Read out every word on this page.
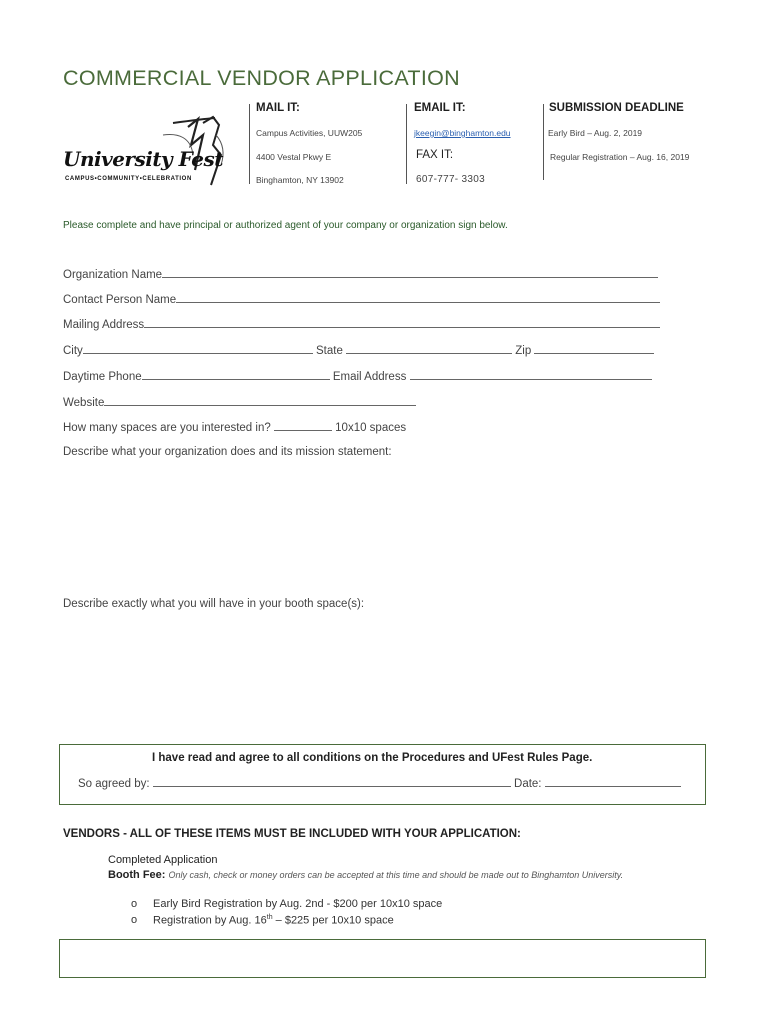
COMMERCIAL VENDOR APPLICATION
University Fest
CAMPUS•COMMUNITY•CELEBRATION
MAIL IT:
Campus Activities, UUW205
4400 Vestal Pkwy E
Binghamton, NY 13902
EMAIL IT:
jkeegin@binghamton.edu
FAX IT:
607-777- 3303
SUBMISSION DEADLINE
Early Bird – Aug. 2, 2019
Regular Registration – Aug. 16, 2019
Please complete and have principal or authorized agent of your company or organization sign below.
Organization Name
Contact Person Name
Mailing Address
City	State	Zip
Daytime Phone	Email Address
Website
How many spaces are you interested in?	10x10 spaces
Describe what your organization does and its mission statement:
Describe exactly what you will have in your booth space(s):
I have read and agree to all conditions on the Procedures and UFest Rules Page.
So agreed by:	Date:
VENDORS - ALL OF THESE ITEMS MUST BE INCLUDED WITH YOUR APPLICATION:
Completed Application
Booth Fee: Only cash, check or money orders can be accepted at this time and should be made out to Binghamton University.
o Early Bird Registration by Aug. 2nd - $200 per 10x10 space
o Registration by Aug. 16th – $225 per 10x10 space
